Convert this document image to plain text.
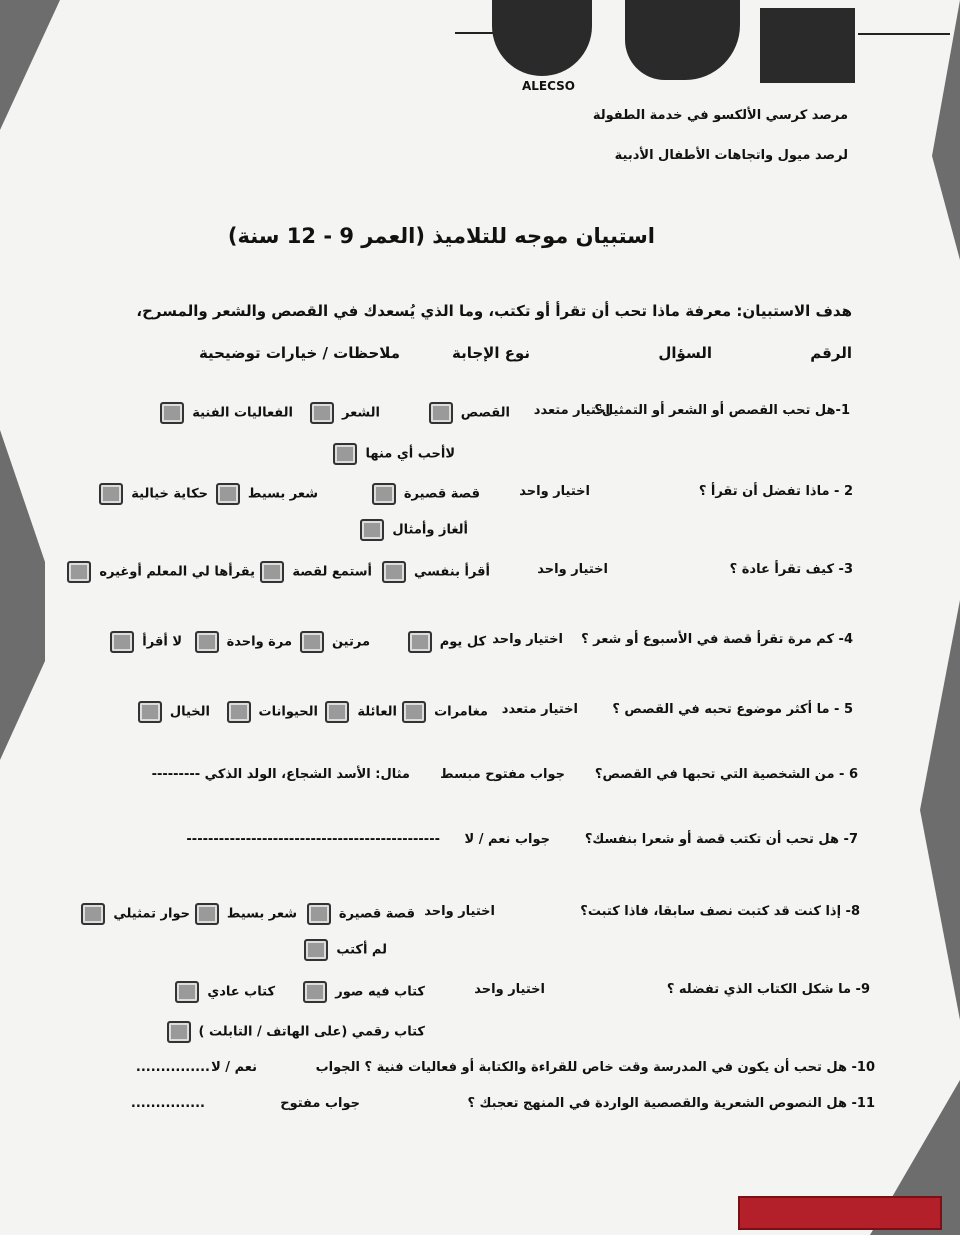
ALECSO
مرصد كرسي الألكسو في خدمة الطفولة
لرصد ميول واتجاهات الأطفال الأدبية
استبيان موجه للتلاميذ (العمر 9 - 12 سنة)
هدف الاستبيان: معرفة ماذا تحب أن تقرأ أو تكتب، وما الذي يُسعدك في القصص والشعر والمسرح،
الرقم
السؤال
نوع الإجابة
ملاحظات / خيارات توضيحية
1-هل تحب القصص أو الشعر أو التمثيل؟
اختيار متعدد
القصص
الشعر
الفعاليات الفنية
لاأحب أي منها
2 - ماذا تفضل أن تقرأ ؟
اختيار واحد
قصة قصيرة
شعر بسيط
حكاية خيالية
ألغاز وأمثال
3- كيف تقرأ عادة ؟
اختيار واحد
أقرأ بنفسي
أستمع لقصة
يقرأها لي المعلم أوغيره
4- كم مرة تقرأ قصة في الأسبوع أو شعر ؟
اختيار واحد
كل يوم
مرتين
مرة واحدة
لا أقرأ
5 - ما أكثر موضوع تحبه في القصص ؟
اختيار متعدد
مغامرات
العائلة
الحيوانات
الخيال
6 - من الشخصية التي تحبها في القصص؟
جواب مفتوح مبسط
مثال: الأسد الشجاع، الولد الذكي ---------
7- هل تحب أن تكتب قصة أو شعرا بنفسك؟
جواب نعم / لا
-----------------------------------------------
8- إذا كنت قد كتبت نصف سابقا، فاذا كتبت؟
اختيار واحد
قصة قصيرة
شعر بسيط
حوار تمثيلي
لم أكتب
9- ما شكل الكتاب الذي تفضله ؟
اختيار واحد
كتاب فيه صور
كتاب عادي
كتاب رقمي (على الهاتف / التابلت )
10- هل تحب أن يكون في المدرسة وقت خاص للقراءة والكتابة أو فعاليات فنية ؟ الجواب
نعم / لا
...............
11- هل النصوص الشعرية والقصصية الواردة في المنهج تعجبك ؟
جواب مفتوح
...............
